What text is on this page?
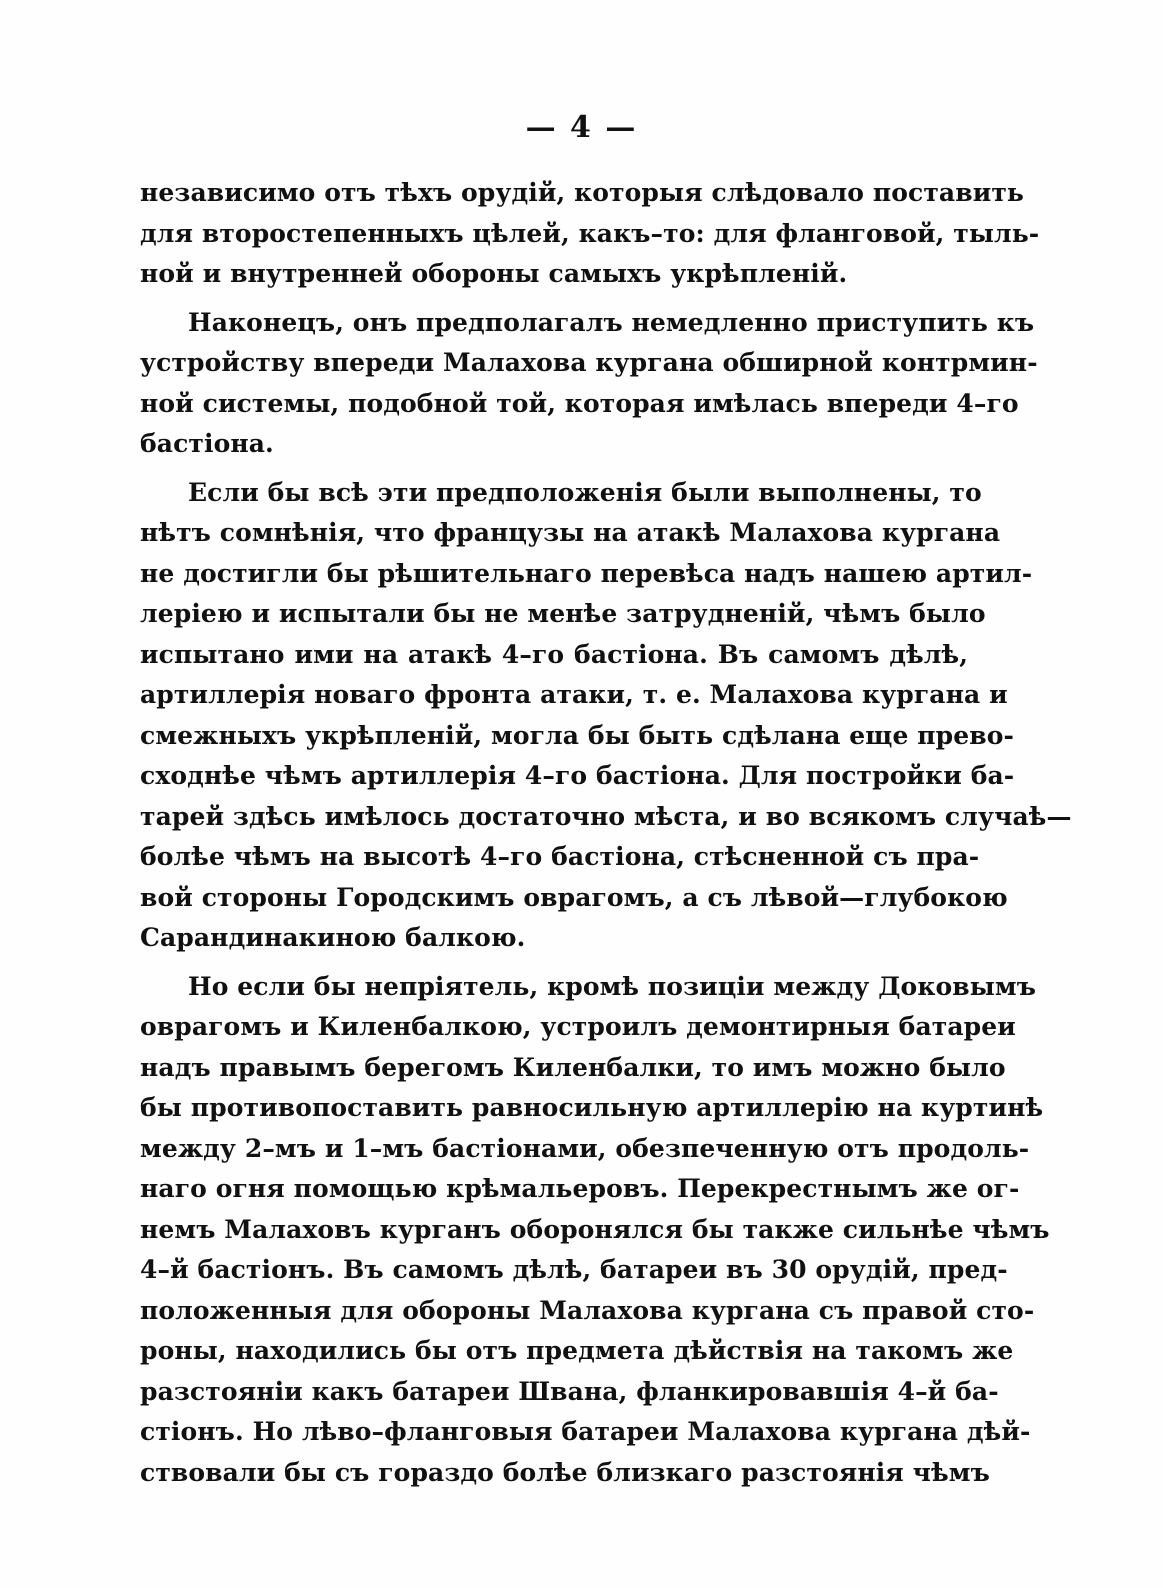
— 4 —
независимо отъ тѣхъ орудій, которыя слѣдовало поставить
для второстепенныхъ цѣлей, какъ–то: для фланговой, тыль-
ной и внутренней обороны самыхъ укрѣпленій.
Наконецъ, онъ предполагалъ немедленно приступить къ
устройству впереди Малахова кургана обширной контрмин-
ной системы, подобной той, которая имѣлась впереди 4–го
бастіона.
Если бы всѣ эти предположенія были выполнены, то
нѣтъ сомнѣнія, что французы на атакѣ Малахова кургана
не достигли бы рѣшительнаго перевѣса надъ нашею артил-
леріею и испытали бы не менѣе затрудненій, чѣмъ было
испытано ими на атакѣ 4–го бастіона. Въ самомъ дѣлѣ,
артиллерія новаго фронта атаки, т. е. Малахова кургана и
смежныхъ укрѣпленій, могла бы быть сдѣлана еще прево-
сходнѣе чѣмъ артиллерія 4–го бастіона. Для постройки ба-
тарей здѣсь имѣлось достаточно мѣста, и во всякомъ случаѣ—
болѣе чѣмъ на высотѣ 4–го бастіона, стѣсненной съ пра-
вой стороны Городскимъ оврагомъ, а съ лѣвой—глубокою
Сарандинакиною балкою.
Но если бы непріятель, кромѣ позиціи между Доковымъ
оврагомъ и Киленбалкою, устроилъ демонтирныя батареи
надъ правымъ берегомъ Киленбалки, то имъ можно было
бы противопоставить равносильную артиллерію на куртинѣ
между 2–мъ и 1–мъ бастіонами, обезпеченную отъ продоль-
наго огня помощью крѣмальеровъ. Перекрестнымъ же ог-
немъ Малаховъ курганъ оборонялся бы также сильнѣе чѣмъ
4–й бастіонъ. Въ самомъ дѣлѣ, батареи въ 30 орудій, пред-
положенныя для обороны Малахова кургана съ правой сто-
роны, находились бы отъ предмета дѣйствія на такомъ же
разстояніи какъ батареи Швана, фланкировавшія 4–й ба-
стіонъ. Но лѣво–фланговыя батареи Малахова кургана дѣй-
ствовали бы съ гораздо болѣе близкаго разстоянія чѣмъ
